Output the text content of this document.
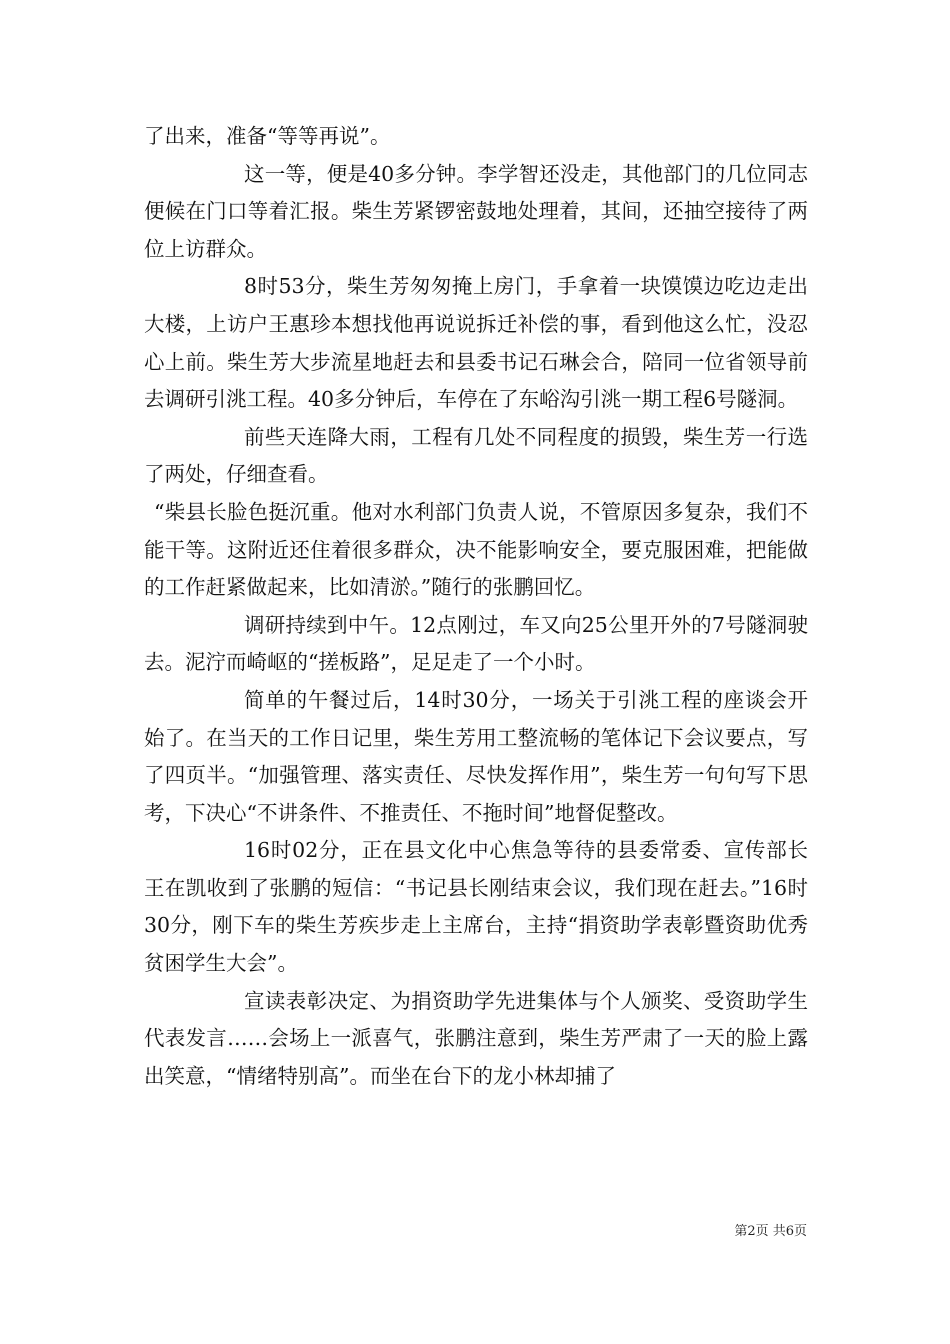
了出来，准备“等等再说”。

这一等，便是40多分钟。李学智还没走，其他部门的几位同志便候在门口等着汇报。柴生芳紧锣密鼓地处理着，其间，还抽空接待了两位上访群众。

8时53分，柴生芳匆匆掩上房门，手拿着一块馍馍边吃边走出大楼，上访户王惠珍本想找他再说说拆迁补偿的事，看到他这么忙，没忍心上前。柴生芳大步流星地赶去和县委书记石琳会合，陪同一位省领导前去调研引洮工程。40多分钟后，车停在了东峪沟引洮一期工程6号隧洞。

前些天连降大雨，工程有几处不同程度的损毁，柴生芳一行选了两处，仔细查看。

“柴县长脸色挺沉重。他对水利部门负责人说，不管原因多复杂，我们不能干等。这附近还住着很多群众，决不能影响安全，要克服困难，把能做的工作赶紧做起来，比如清淤。”随行的张鹏回忆。

调研持续到中午。12点刚过，车又向25公里开外的7号隧洞驶去。泥泞而崎岖的“搓板路”，足足走了一个小时。

简单的午餐过后，14时30分，一场关于引洮工程的座谈会开始了。在当天的工作日记里，柴生芳用工整流畅的笔体记下会议要点，写了四页半。“加强管理、落实责任、尽快发挥作用”，柴生芳一句句写下思考，下决心“不讲条件、不推责任、不拖时间”地督促整改。

16时02分，正在县文化中心焦急等待的县委常委、宣传部长王在凯收到了张鹏的短信：“书记县长刚结束会议，我们现在赶去。”16时30分，刚下车的柴生芳疾步走上主席台，主持“捐资助学表彰暨资助优秀贫困学生大会”。

宣读表彰决定、为捐资助学先进集体与个人颁奖、受资助学生代表发言……会场上一派喜气，张鹏注意到，柴生芳严肃了一天的脸上露出笑意，“情绪特别高”。而坐在台下的龙小林却捕了

第2页 共6页
